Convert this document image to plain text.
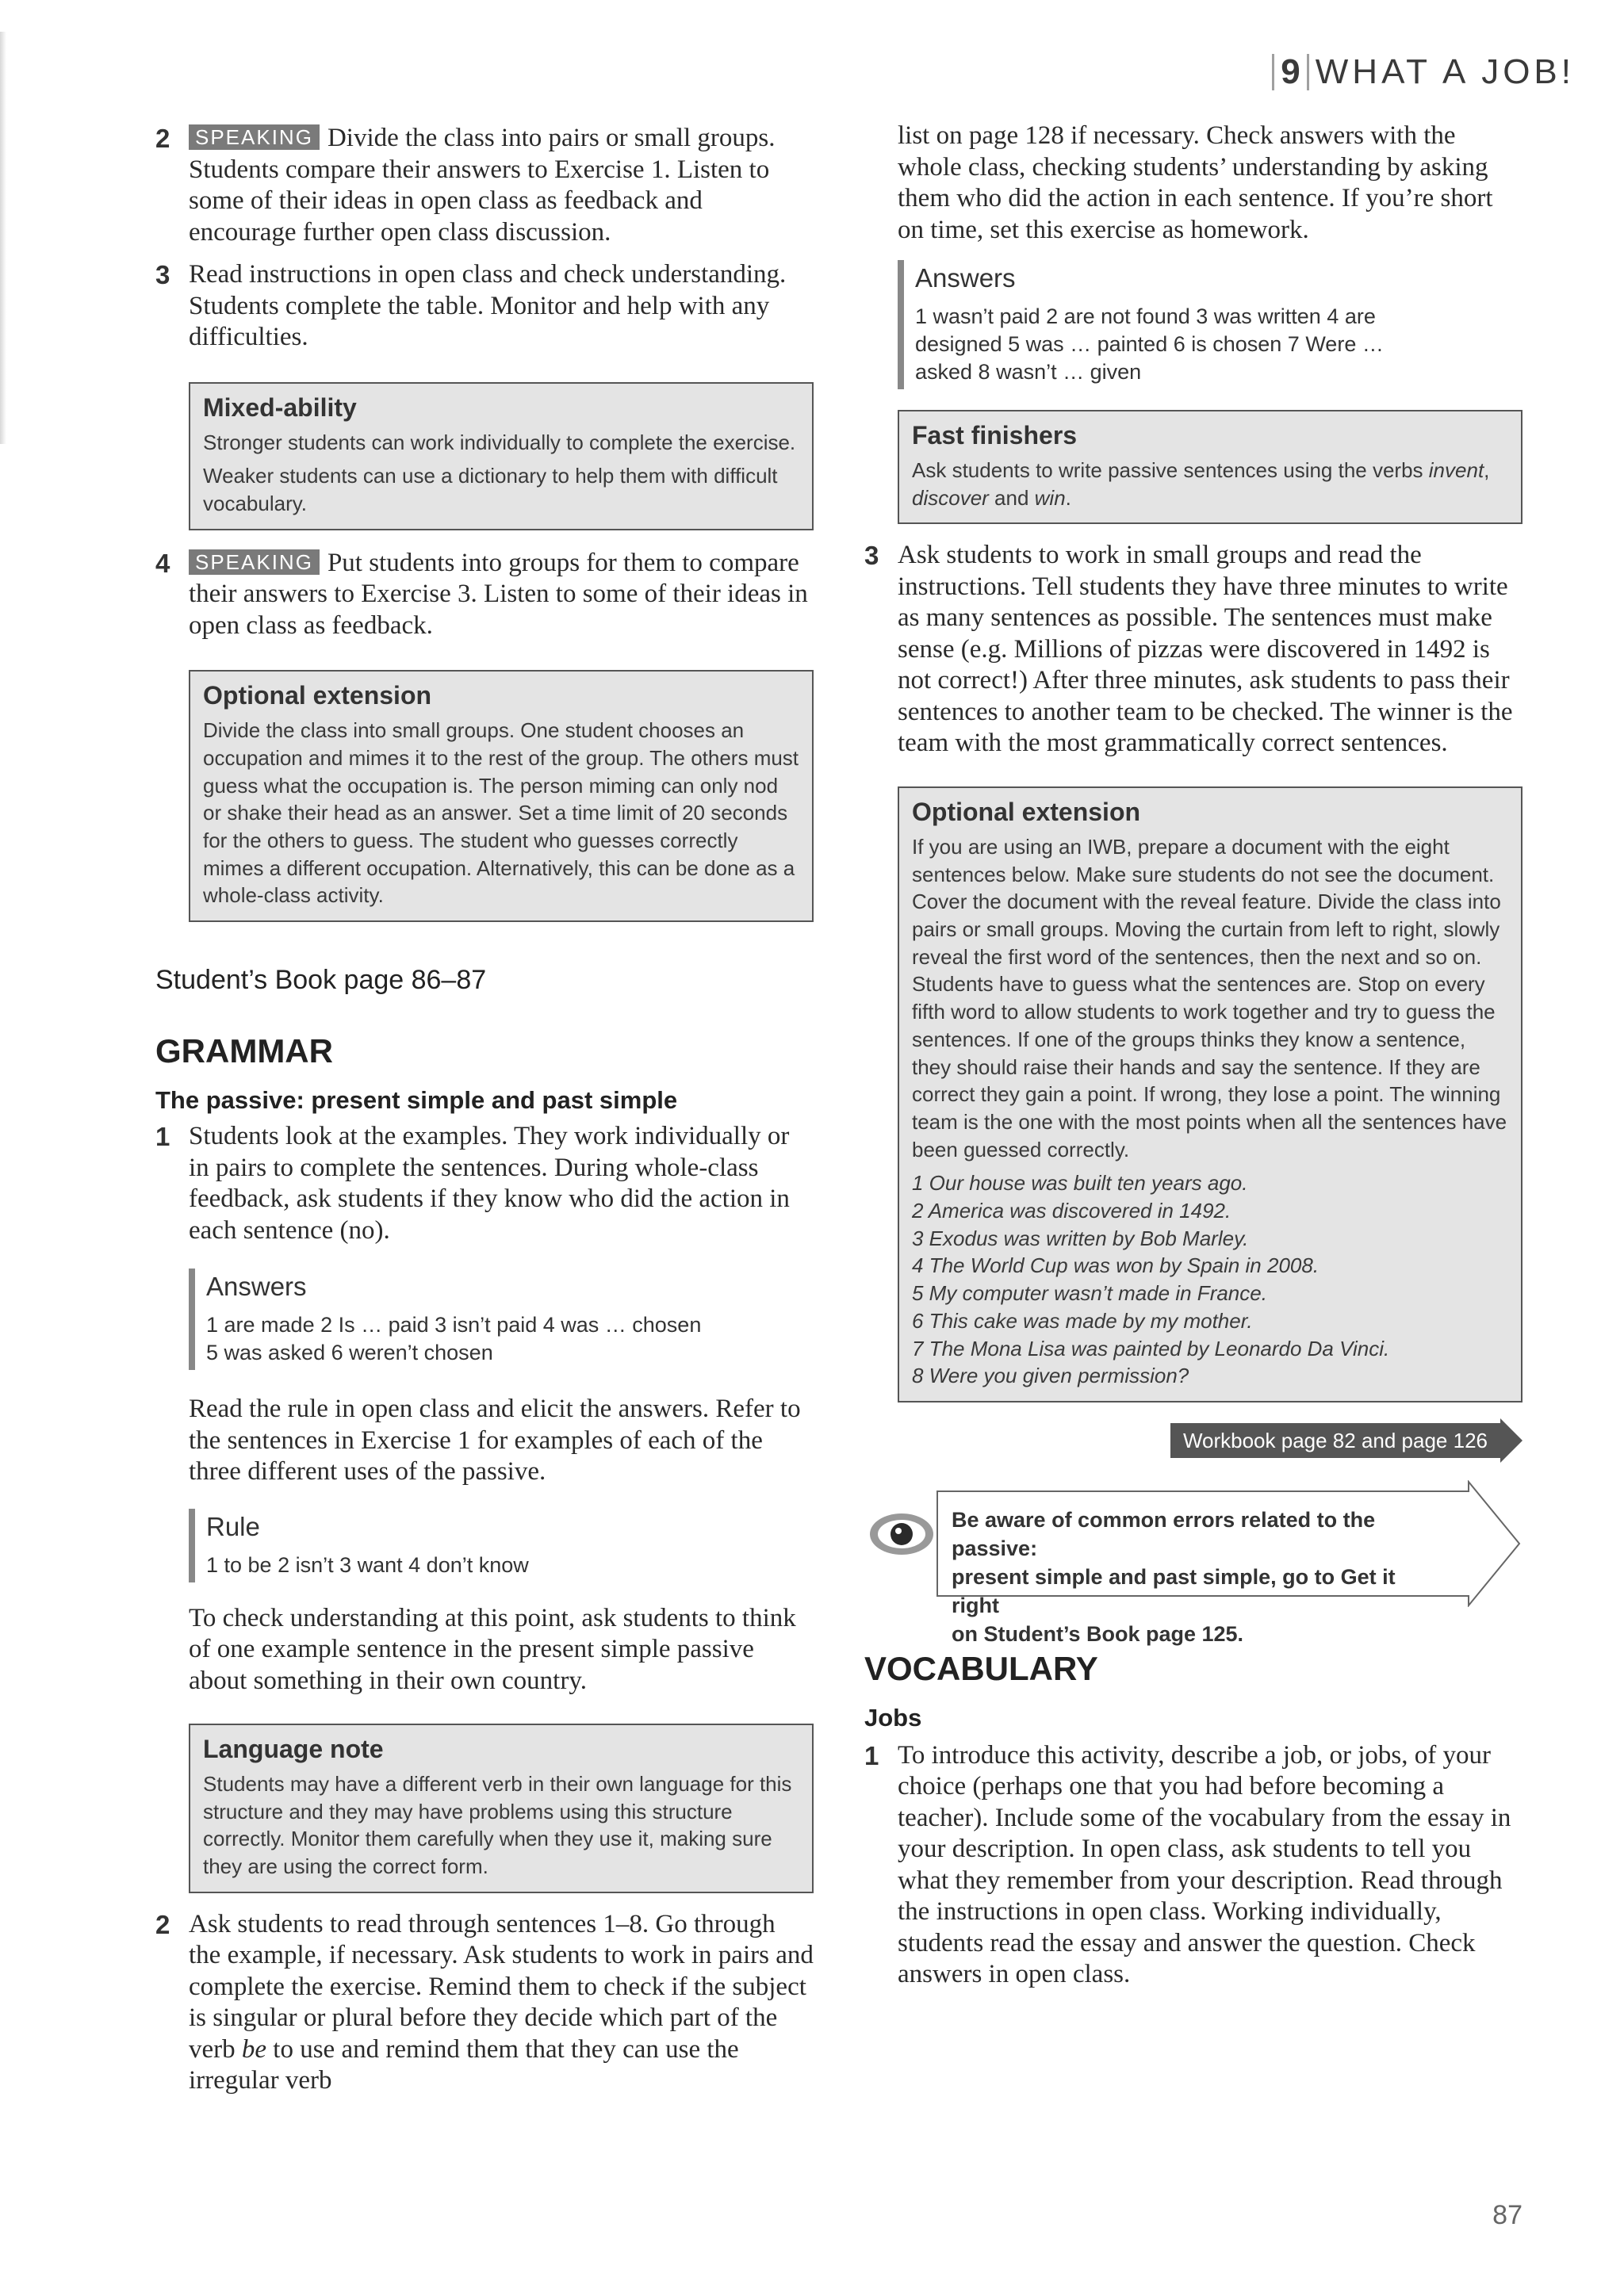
9 WHAT A JOB!
2 SPEAKING Divide the class into pairs or small groups. Students compare their answers to Exercise 1. Listen to some of their ideas in open class as feedback and encourage further open class discussion.
3 Read instructions in open class and check understanding. Students complete the table. Monitor and help with any difficulties.
Mixed-ability
Stronger students can work individually to complete the exercise.
Weaker students can use a dictionary to help them with difficult vocabulary.
4 SPEAKING Put students into groups for them to compare their answers to Exercise 3. Listen to some of their ideas in open class as feedback.
Optional extension
Divide the class into small groups. One student chooses an occupation and mimes it to the rest of the group. The others must guess what the occupation is. The person miming can only nod or shake their head as an answer. Set a time limit of 20 seconds for the others to guess. The student who guesses correctly mimes a different occupation. Alternatively, this can be done as a whole-class activity.
Student’s Book page 86–87
GRAMMAR
The passive: present simple and past simple
1 Students look at the examples. They work individually or in pairs to complete the sentences. During whole-class feedback, ask students if they know who did the action in each sentence (no).
Answers
1 are made 2 Is … paid 3 isn’t paid 4 was … chosen
5 was asked 6 weren’t chosen
Read the rule in open class and elicit the answers. Refer to the sentences in Exercise 1 for examples of each of the three different uses of the passive.
Rule
1 to be 2 isn’t 3 want 4 don’t know
To check understanding at this point, ask students to think of one example sentence in the present simple passive about something in their own country.
Language note
Students may have a different verb in their own language for this structure and they may have problems using this structure correctly. Monitor them carefully when they use it, making sure they are using the correct form.
2 Ask students to read through sentences 1–8. Go through the example, if necessary. Ask students to work in pairs and complete the exercise. Remind them to check if the subject is singular or plural before they decide which part of the verb be to use and remind them that they can use the irregular verb
list on page 128 if necessary. Check answers with the whole class, checking students’ understanding by asking them who did the action in each sentence. If you’re short on time, set this exercise as homework.
Answers
1 wasn’t paid 2 are not found 3 was written 4 are
designed 5 was … painted 6 is chosen 7 Were …
asked 8 wasn’t … given
Fast finishers
Ask students to write passive sentences using the verbs invent, discover and win.
3 Ask students to work in small groups and read the instructions. Tell students they have three minutes to write as many sentences as possible. The sentences must make sense (e.g. Millions of pizzas were discovered in 1492 is not correct!) After three minutes, ask students to pass their sentences to another team to be checked. The winner is the team with the most grammatically correct sentences.
Optional extension
If you are using an IWB, prepare a document with the eight sentences below. Make sure students do not see the document. Cover the document with the reveal feature. Divide the class into pairs or small groups. Moving the curtain from left to right, slowly reveal the first word of the sentences, then the next and so on. Students have to guess what the sentences are. Stop on every fifth word to allow students to work together and try to guess the sentences. If one of the groups thinks they know a sentence, they should raise their hands and say the sentence. If they are correct they gain a point. If wrong, they lose a point. The winning team is the one with the most points when all the sentences have been guessed correctly.
1 Our house was built ten years ago.
2 America was discovered in 1492.
3 Exodus was written by Bob Marley.
4 The World Cup was won by Spain in 2008.
5 My computer wasn’t made in France.
6 This cake was made by my mother.
7 The Mona Lisa was painted by Leonardo Da Vinci.
8 Were you given permission?
Workbook page 82 and page 126
Be aware of common errors related to the passive:
present simple and past simple, go to Get it right
on Student’s Book page 125.
VOCABULARY
Jobs
1 To introduce this activity, describe a job, or jobs, of your choice (perhaps one that you had before becoming a teacher). Include some of the vocabulary from the essay in your description. In open class, ask students to tell you what they remember from your description. Read through the instructions in open class. Working individually, students read the essay and answer the question. Check answers in open class.
87
